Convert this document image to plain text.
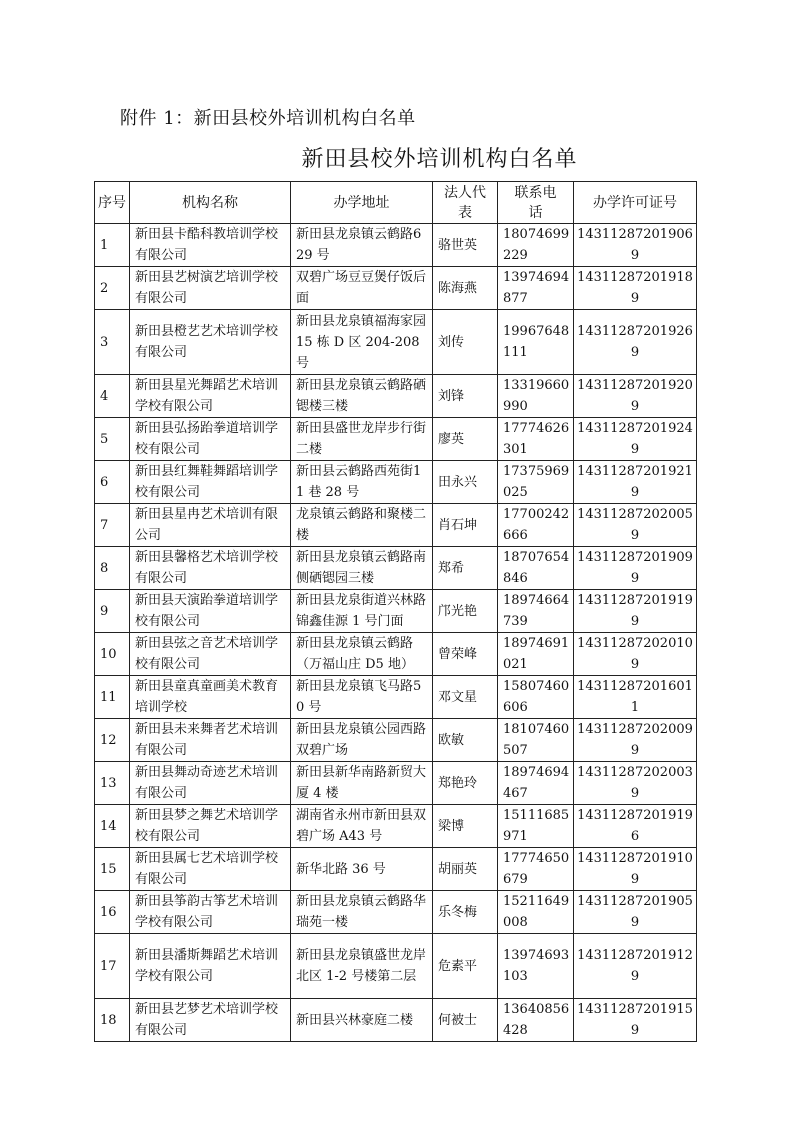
附件 1：新田县校外培训机构白名单
新田县校外培训机构白名单
序号	机构名称	办学地址	法人代表	联系电话	办学许可证号
1	新田县卡酷科教培训学校有限公司	新田县龙泉镇云鹤路629 号	骆世英	18074699229	143112872019069
2	新田县艺树演艺培训学校有限公司	双碧广场豆豆煲仔饭后面	陈海燕	13974694877	143112872019189
3	新田县橙艺艺术培训学校有限公司	新田县龙泉镇福海家园 15 栋 D 区 204-208 号	刘传	19967648111	143112872019269
4	新田县星光舞蹈艺术培训学校有限公司	新田县龙泉镇云鹤路硒锶楼三楼	刘锋	13319660990	143112872019209
5	新田县弘扬跆拳道培训学校有限公司	新田县盛世龙岸步行街二楼	廖英	17774626301	143112872019249
6	新田县红舞鞋舞蹈培训学校有限公司	新田县云鹤路西苑街11 巷 28 号	田永兴	17375969025	143112872019219
7	新田县星冉艺术培训有限公司	龙泉镇云鹤路和聚楼二楼	肖石坤	17700242666	143112872020059
8	新田县馨格艺术培训学校有限公司	新田县龙泉镇云鹤路南侧硒锶园三楼	郑希	18707654846	143112872019099
9	新田县天演跆拳道培训学校有限公司	新田县龙泉街道兴林路锦鑫佳源 1 号门面	邝光艳	18974664739	143112872019199
10	新田县弦之音艺术培训学校有限公司	新田县龙泉镇云鹤路（万福山庄 D5 地）	曾荣峰	18974691021	143112872020109
11	新田县童真童画美术教育培训学校	新田县龙泉镇飞马路50 号	邓文星	15807460606	143112872016011
12	新田县未来舞者艺术培训有限公司	新田县龙泉镇公园西路双碧广场	欧敏	18107460507	143112872020099
13	新田县舞动奇迹艺术培训有限公司	新田县新华南路新贸大厦 4 楼	郑艳玲	18974694467	143112872020039
14	新田县梦之舞艺术培训学校有限公司	湖南省永州市新田县双碧广场 A43 号	梁博	15111685971	143112872019196
15	新田县属七艺术培训学校有限公司	新华北路 36 号	胡丽英	17774650679	143112872019109
16	新田县筝韵古筝艺术培训学校有限公司	新田县龙泉镇云鹤路华瑞苑一楼	乐冬梅	15211649008	143112872019059
17	新田县潘斯舞蹈艺术培训学校有限公司	新田县龙泉镇盛世龙岸北区 1-2 号楼第二层	危素平	13974693103	143112872019129
18	新田县艺梦艺术培训学校有限公司	新田县兴林豪庭二楼	何被士	13640856428	143112872019159
